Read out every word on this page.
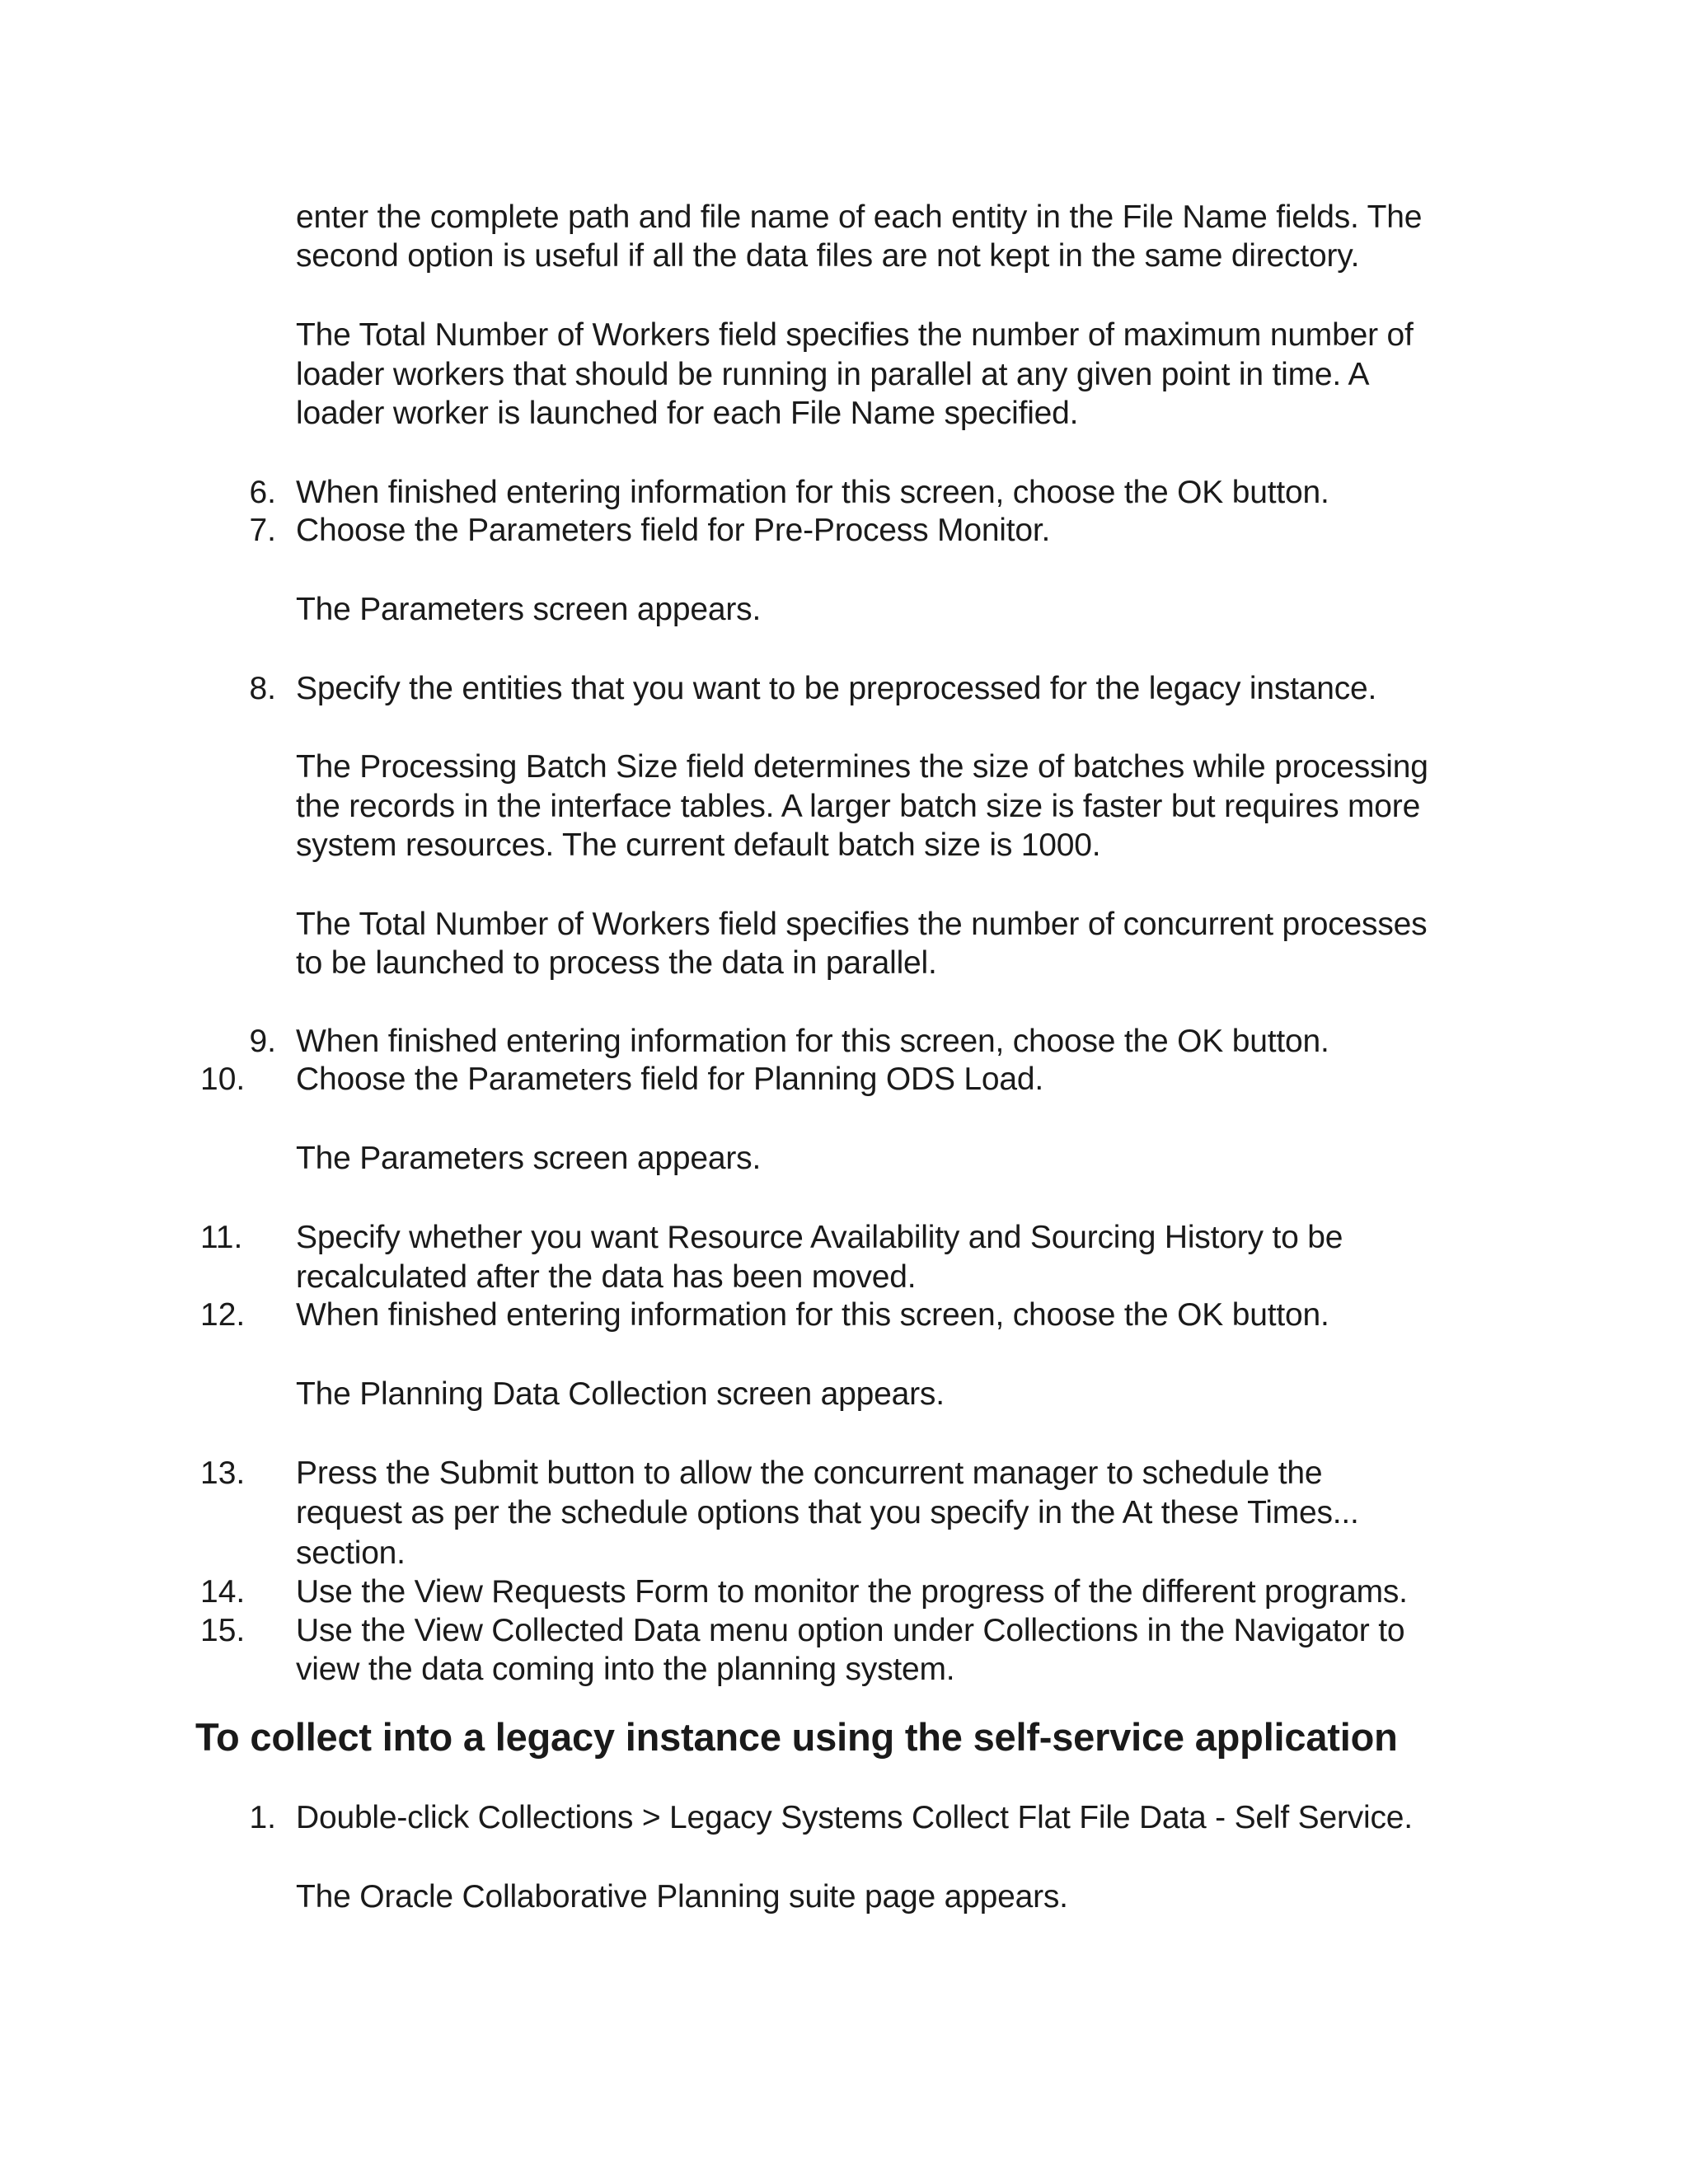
enter the complete path and file name of each entity in the File Name fields. The
second option is useful if all the data files are not kept in the same directory.
The Total Number of Workers field specifies the number of maximum number of
loader workers that should be running in parallel at any given point in time. A
loader worker is launched for each File Name specified.
6. When finished entering information for this screen, choose the OK button.
7. Choose the Parameters field for Pre-Process Monitor.
The Parameters screen appears.
8. Specify the entities that you want to be preprocessed for the legacy instance.
The Processing Batch Size field determines the size of batches while processing
the records in the interface tables. A larger batch size is faster but requires more
system resources. The current default batch size is 1000.
The Total Number of Workers field specifies the number of concurrent processes
to be launched to process the data in parallel.
9. When finished entering information for this screen, choose the OK button.
10.	Choose the Parameters field for Planning ODS Load.
The Parameters screen appears.
11.	Specify whether you want Resource Availability and Sourcing History to be
recalculated after the data has been moved.
12.	When finished entering information for this screen, choose the OK button.
The Planning Data Collection screen appears.
13.	Press the Submit button to allow the concurrent manager to schedule the
request as per the schedule options that you specify in the At these Times...
section.
14.	Use the View Requests Form to monitor the progress of the different programs.
15.	Use the View Collected Data menu option under Collections in the Navigator to
view the data coming into the planning system.
To collect into a legacy instance using the self-service application
1. Double-click Collections > Legacy Systems Collect Flat File Data - Self Service.
The Oracle Collaborative Planning suite page appears.
